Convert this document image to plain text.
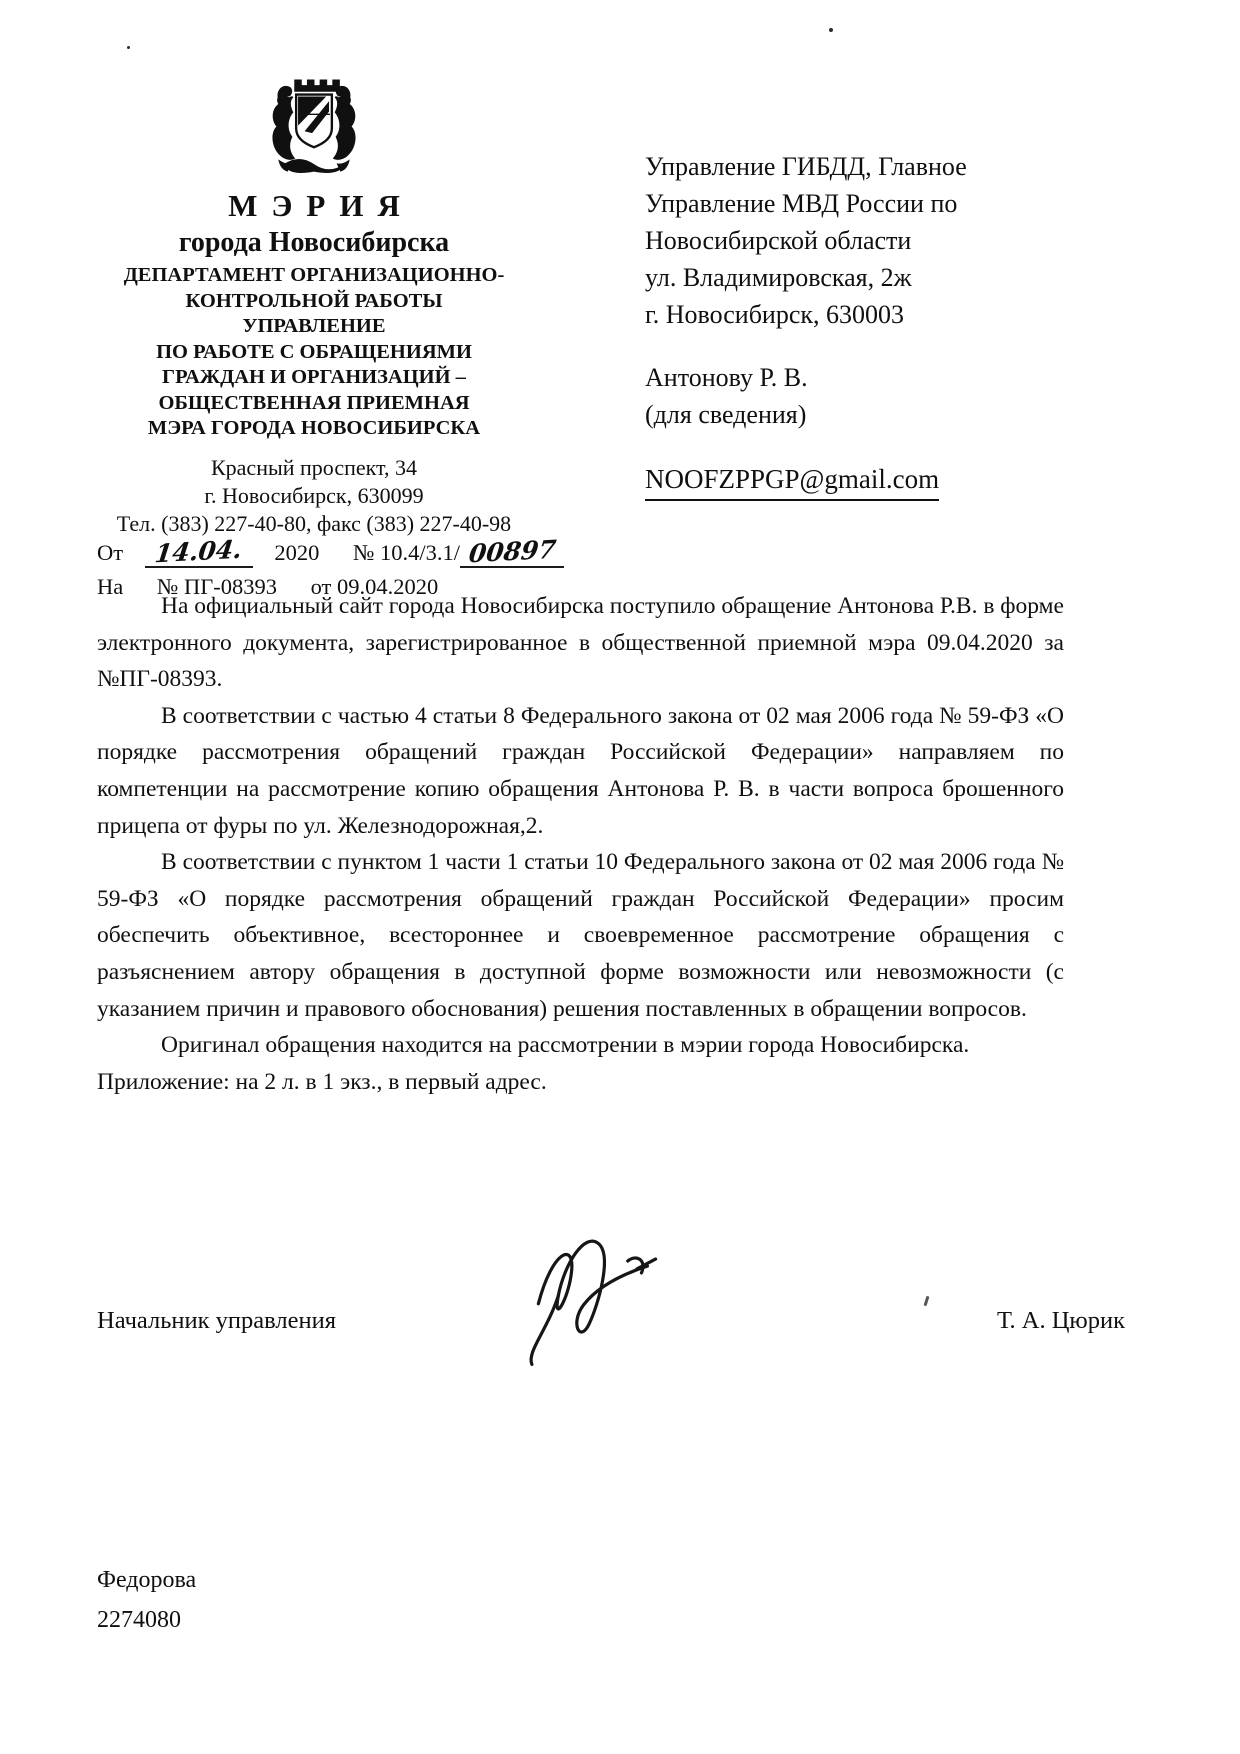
МЭРИЯ
города Новосибирска
ДЕПАРТАМЕНТ ОРГАНИЗАЦИОННО-
КОНТРОЛЬНОЙ РАБОТЫ
УПРАВЛЕНИЕ
ПО РАБОТЕ С ОБРАЩЕНИЯМИ
ГРАЖДАН И ОРГАНИЗАЦИЙ –
ОБЩЕСТВЕННАЯ ПРИЕМНАЯ
МЭРА ГОРОДА НОВОСИБИРСКА
Красный проспект, 34
г. Новосибирск, 630099
Тел. (383) 227-40-80, факс (383) 227-40-98
От 14.04. 2020 № 10.4/3.1/ 00897
На № ПГ-08393 от 09.04.2020
Управление ГИБДД, Главное
Управление МВД России по
Новосибирской области
ул. Владимировская, 2ж
г. Новосибирск, 630003
Антонову Р. В.
(для сведения)
NOOFZPPGP@gmail.com

На официальный сайт города Новосибирска поступило обращение Антонова Р.В. в форме электронного документа, зарегистрированное в общественной приемной мэра 09.04.2020 за №ПГ-08393.

В соответствии с частью 4 статьи 8 Федерального закона от 02 мая 2006 года № 59-ФЗ «О порядке рассмотрения обращений граждан Российской Федерации» направляем по компетенции на рассмотрение копию обращения Антонова Р. В. в части вопроса брошенного прицепа от фуры по ул. Железнодорожная,2.

В соответствии с пунктом 1 части 1 статьи 10 Федерального закона от 02 мая 2006 года № 59-ФЗ «О порядке рассмотрения обращений граждан Российской Федерации» просим обеспечить объективное, всестороннее и своевременное рассмотрение обращения с разъяснением автору обращения в доступной форме возможности или невозможности (с указанием причин и правового обоснования) решения поставленных в обращении вопросов.

Оригинал обращения находится на рассмотрении в мэрии города Новосибирска.

Приложение: на 2 л. в 1 экз., в первый адрес.

Начальник управления	Т. А. Цюрик
Федорова
2274080
